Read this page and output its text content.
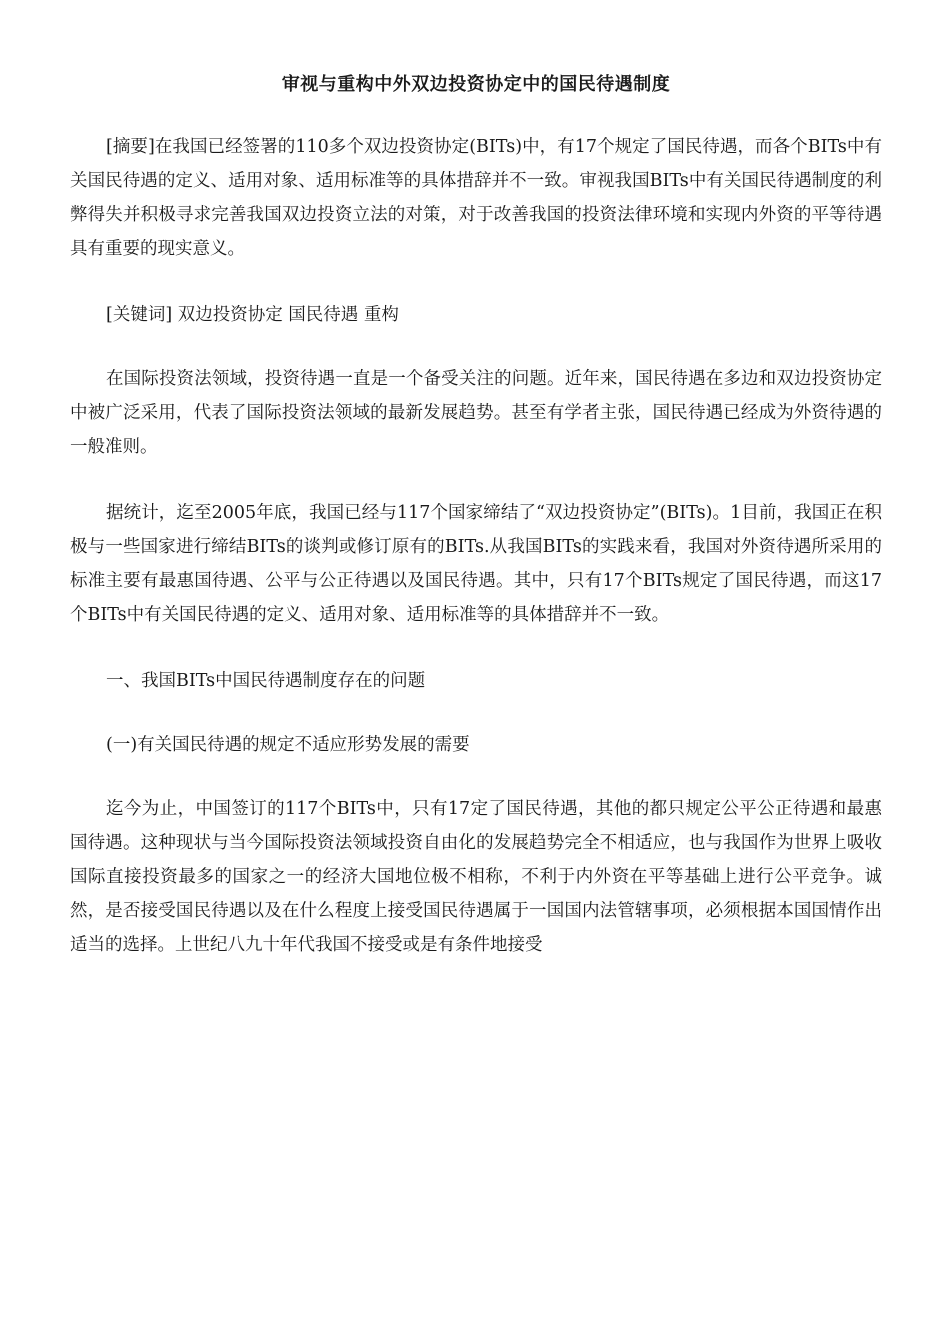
审视与重构中外双边投资协定中的国民待遇制度

[摘要]在我国已经签署的110多个双边投资协定(BITs)中，有17个规定了国民待遇，而各个BITs中有关国民待遇的定义、适用对象、适用标准等的具体措辞并不一致。审视我国BITs中有关国民待遇制度的利弊得失并积极寻求完善我国双边投资立法的对策，对于改善我国的投资法律环境和实现内外资的平等待遇具有重要的现实意义。

[关键词] 双边投资协定 国民待遇 重构

在国际投资法领域，投资待遇一直是一个备受关注的问题。近年来，国民待遇在多边和双边投资协定中被广泛采用，代表了国际投资法领域的最新发展趋势。甚至有学者主张，国民待遇已经成为外资待遇的一般准则。

据统计，迄至2005年底，我国已经与117个国家缔结了“双边投资协定”(BITs)。1目前，我国正在积极与一些国家进行缔结BITs的谈判或修订原有的BITs.从我国BITs的实践来看，我国对外资待遇所采用的标准主要有最惠国待遇、公平与公正待遇以及国民待遇。其中，只有17个BITs规定了国民待遇，而这17个BITs中有关国民待遇的定义、适用对象、适用标准等的具体措辞并不一致。

一、我国BITs中国民待遇制度存在的问题

(一)有关国民待遇的规定不适应形势发展的需要

迄今为止，中国签订的117个BITs中，只有17定了国民待遇，其他的都只规定公平公正待遇和最惠国待遇。这种现状与当今国际投资法领域投资自由化的发展趋势完全不相适应，也与我国作为世界上吸收国际直接投资最多的国家之一的经济大国地位极不相称，不利于内外资在平等基础上进行公平竞争。诚然，是否接受国民待遇以及在什么程度上接受国民待遇属于一国国内法管辖事项，必须根据本国国情作出适当的选择。上世纪八九十年代我国不接受或是有条件地接受
